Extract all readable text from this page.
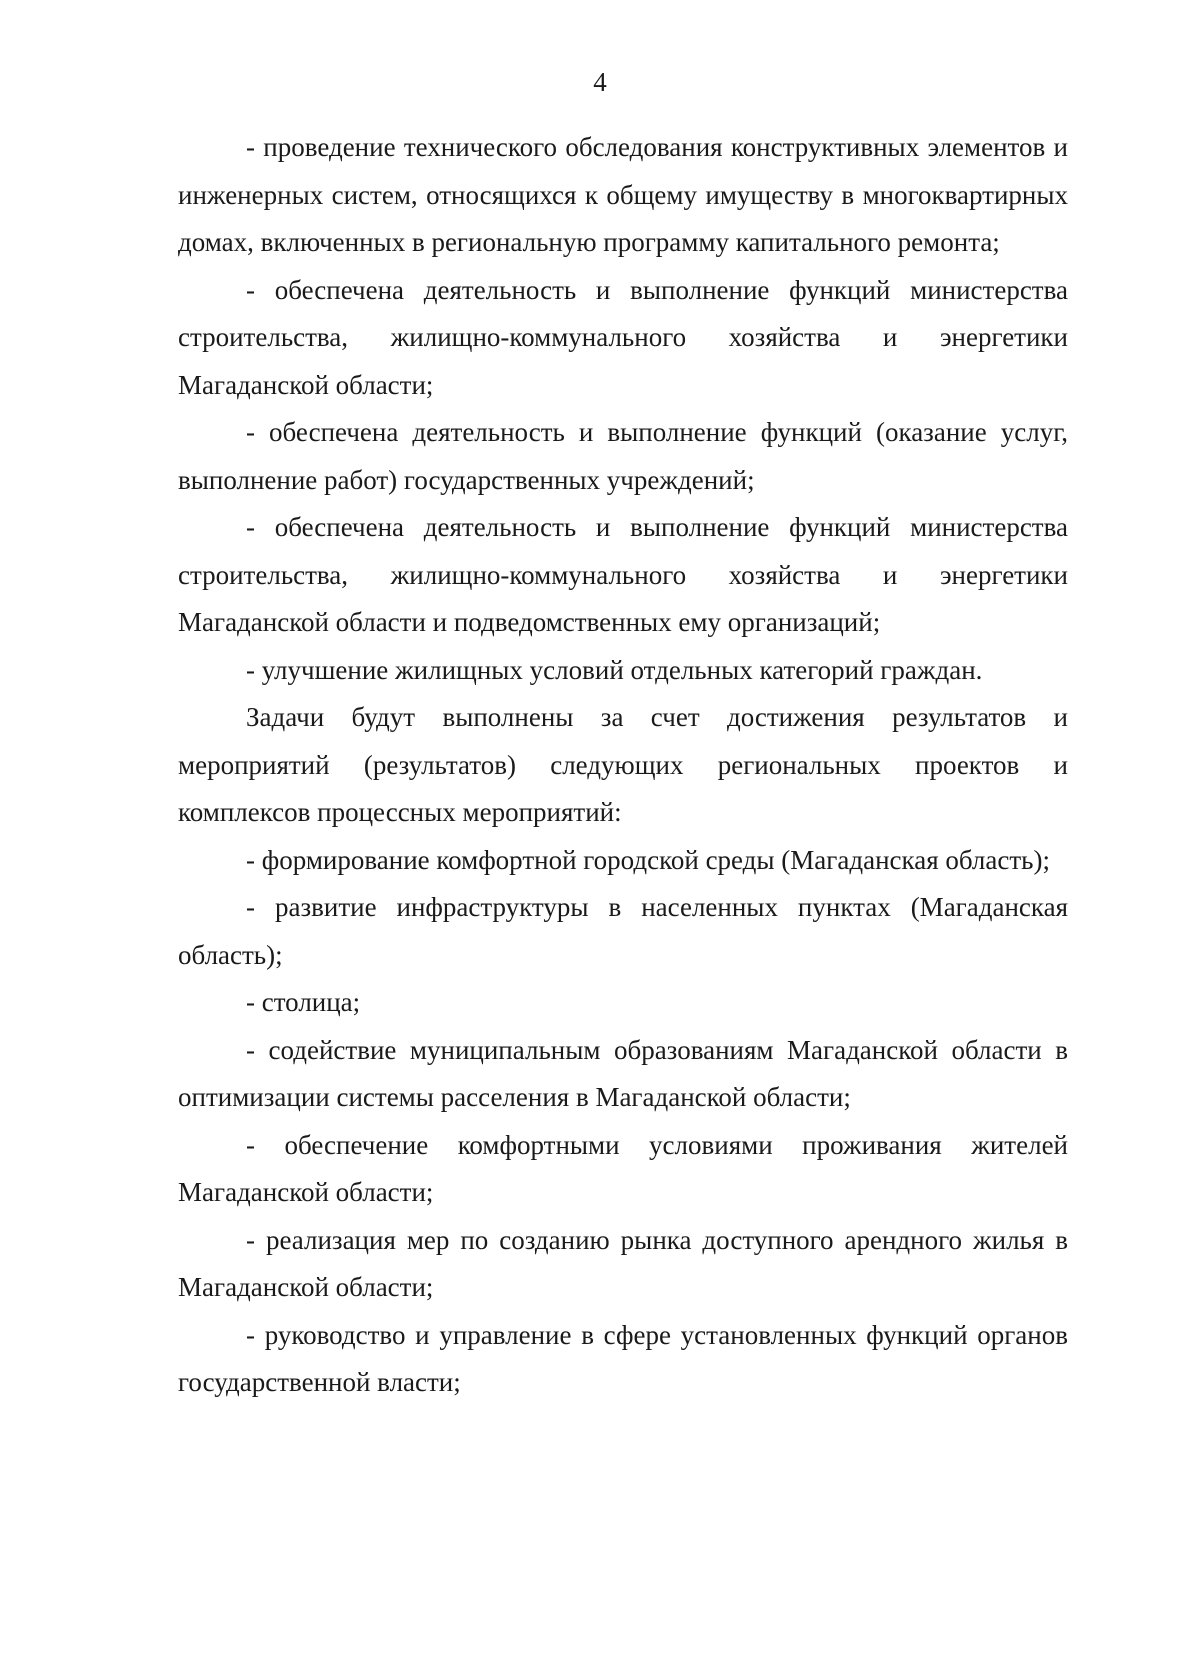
4

- проведение технического обследования конструктивных элементов и инженерных систем, относящихся к общему имуществу в многоквартирных домах, включенных в региональную программу капитального ремонта;

- обеспечена деятельность и выполнение функций министерства строительства, жилищно-коммунального хозяйства и энергетики Магаданской области;

- обеспечена деятельность и выполнение функций (оказание услуг, выполнение работ) государственных учреждений;

- обеспечена деятельность и выполнение функций министерства строительства, жилищно-коммунального хозяйства и энергетики Магаданской области и подведомственных ему организаций;

- улучшение жилищных условий отдельных категорий граждан.

Задачи будут выполнены за счет достижения результатов и мероприятий (результатов) следующих региональных проектов и комплексов процессных мероприятий:

- формирование комфортной городской среды (Магаданская область);

- развитие инфраструктуры в населенных пунктах (Магаданская область);

- столица;

- содействие муниципальным образованиям Магаданской области в оптимизации системы расселения в Магаданской области;

- обеспечение комфортными условиями проживания жителей Магаданской области;

- реализация мер по созданию рынка доступного арендного жилья в Магаданской области;

- руководство и управление в сфере установленных функций органов государственной власти;
